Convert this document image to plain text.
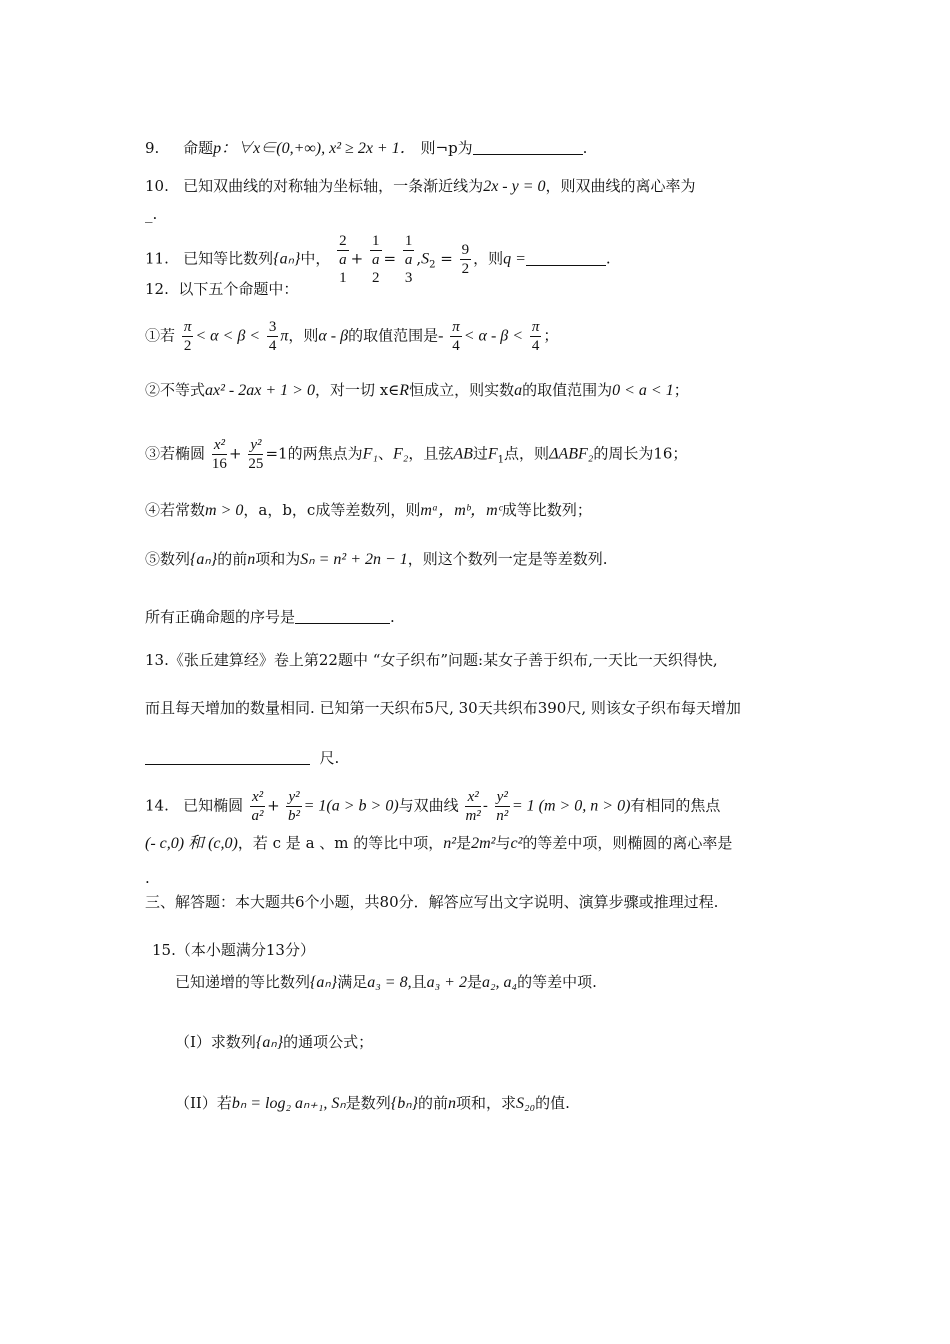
9. 命题p：∀x∈(0,+∞), x² ≥ 2x + 1． 则¬p为	.
10. 已知双曲线的对称轴为坐标轴，一条渐近线为2x - y = 0，则双曲线的离心率为
_.
11. 已知等比数列{aₙ}中， 2
a
1 + 1
a
2 = 1
a
3 $,S_2 = \frac{9}{2}$ ，则q =	.
12. 以下五个命题中：
①若 $\frac{\pi}{2} < \alpha < \beta < \frac{3}{4}$ π，则α - β的取值范围是- $\frac{\pi}{4} < \alpha - \beta < \frac{\pi}{4}$ ；
②不等式ax² - 2ax + 1 > 0，对一切 x∈R恒成立，则实数a的取值范围为0 < a < 1；
③若椭圆 $\frac{\text{x²}}{16} + \frac{\text{y²}}{25} =1$的两焦点为F₁、F₂，且弦AB过$F_1$点，则ΔABF₂的周长为16；
④若常数m > 0，a，b，c成等差数列，则mᵃ，mᵇ，mᶜ成等比数列；
⑤数列{aₙ}的前n项和为Sₙ = n² + 2n − 1，则这个数列一定是等差数列.
所有正确命题的序号是	.
13.《张丘建算经》卷上第22题中 “女子织布”问题:某女子善于织布,一天比一天织得快,
而且每天增加的数量相同. 已知第一天织布5尺, 30天共织布390尺, 则该女子织布每天增加
尺.
14. 已知椭圆 $\frac{\text{x²}}{\text{a²}} + \frac{\text{y²}}{\text{b²}} = 1(a > b > 0)$与双曲线 $\frac{\text{x²}}{\text{m²}} - \frac{\text{y²}}{\text{n²}} = 1$ (m > 0, n > 0)有相同的焦点
(- c,0) 和 (c,0)，若 c 是 a 、m 的等比中项，n²是2m²与c²的等差中项，则椭圆的离心率是
.
三、解答题：本大题共6个小题，共80分．解答应写出文字说明、演算步骤或推理过程.
15.（本小题满分13分）
已知递增的等比数列{aₙ}满足a₃ = 8,且a₃ + 2是a₂, a₄的等差中项.
（I）求数列{aₙ}的通项公式；
（II）若bₙ = log₂ aₙ₊₁, Sₙ是数列{bₙ}的前n项和，求S₂₀的值.
